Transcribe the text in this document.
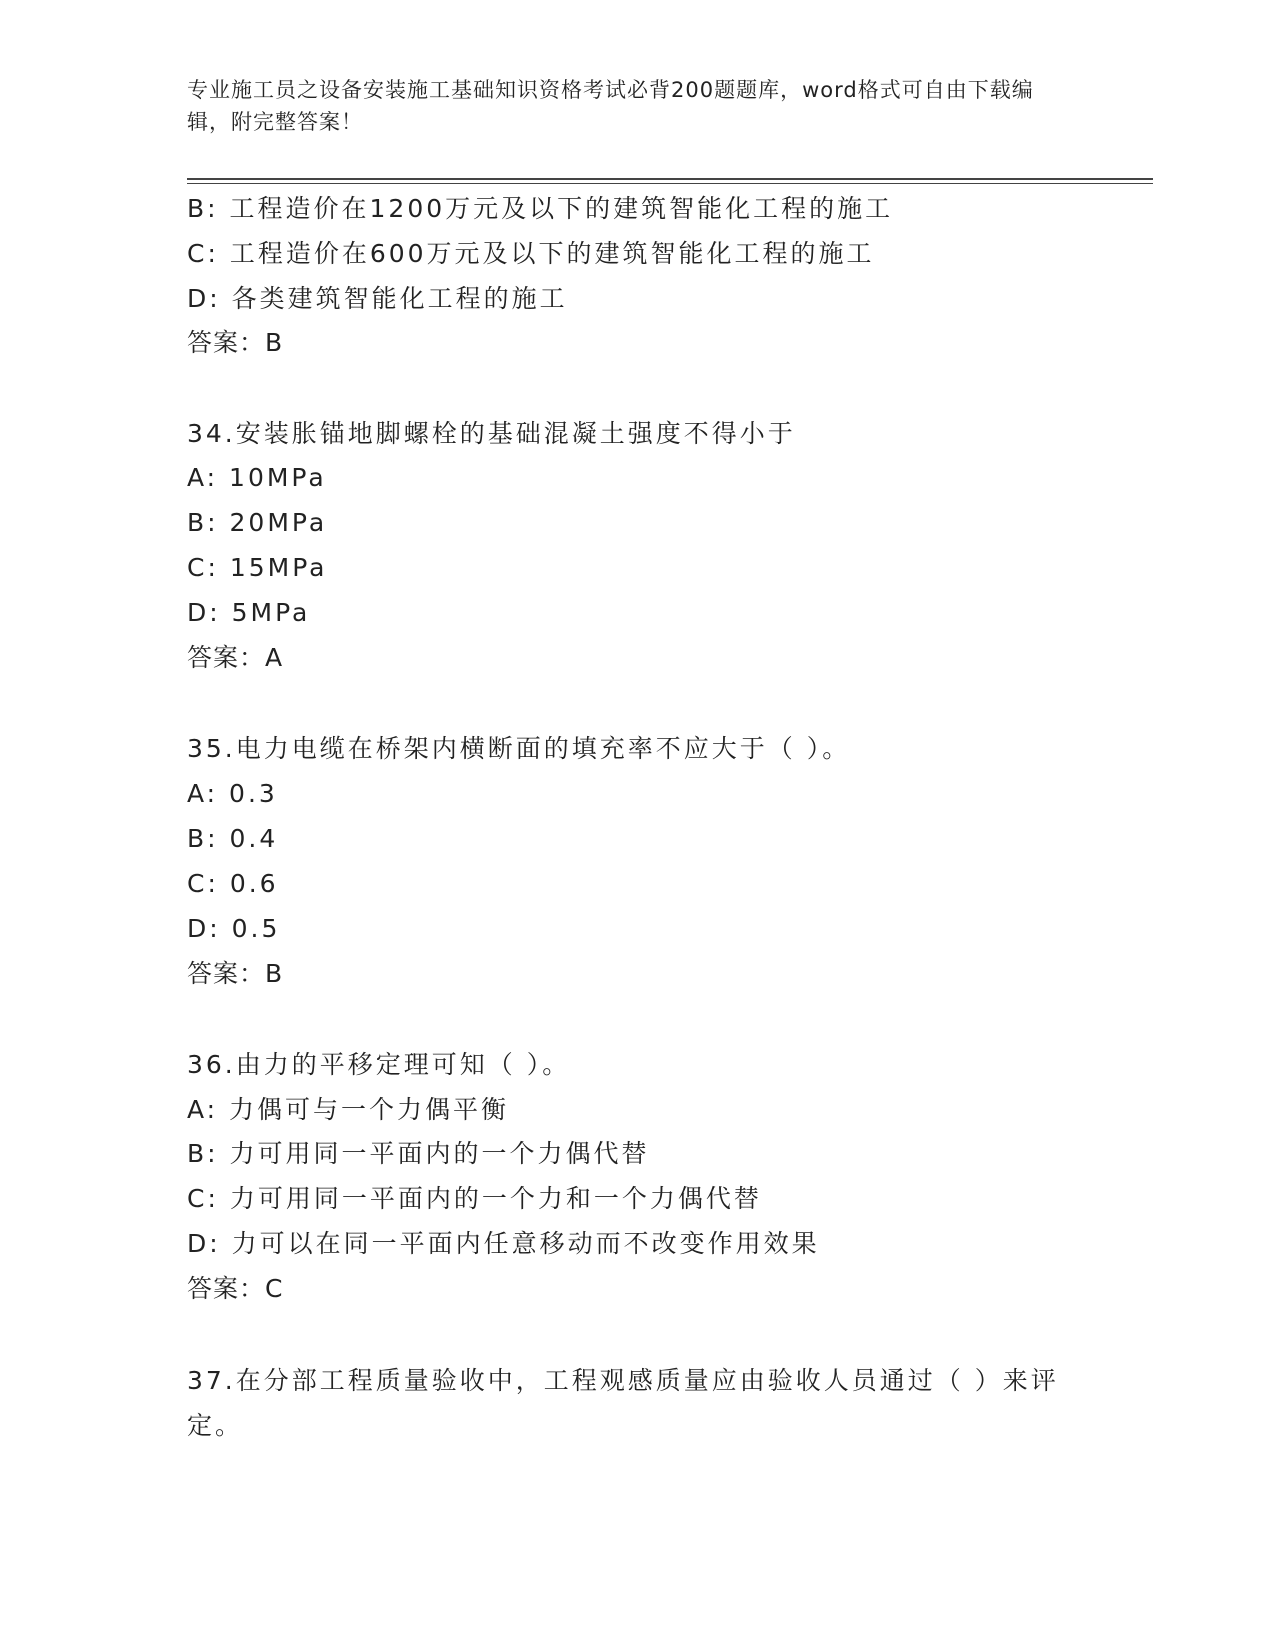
专业施工员之设备安装施工基础知识资格考试必背200题题库，word格式可自由下载编辑，附完整答案！
B: 工程造价在1200万元及以下的建筑智能化工程的施工
C: 工程造价在600万元及以下的建筑智能化工程的施工
D: 各类建筑智能化工程的施工
答案：B
34.安装胀锚地脚螺栓的基础混凝土强度不得小于
A: 10MPa
B: 20MPa
C: 15MPa
D: 5MPa
答案：A
35.电力电缆在桥架内横断面的填充率不应大于（ ）。
A: 0.3
B: 0.4
C: 0.6
D: 0.5
答案：B
36.由力的平移定理可知（ ）。
A: 力偶可与一个力偶平衡
B: 力可用同一平面内的一个力偶代替
C: 力可用同一平面内的一个力和一个力偶代替
D: 力可以在同一平面内任意移动而不改变作用效果
答案：C
37.在分部工程质量验收中，工程观感质量应由验收人员通过（ ）来评定。
